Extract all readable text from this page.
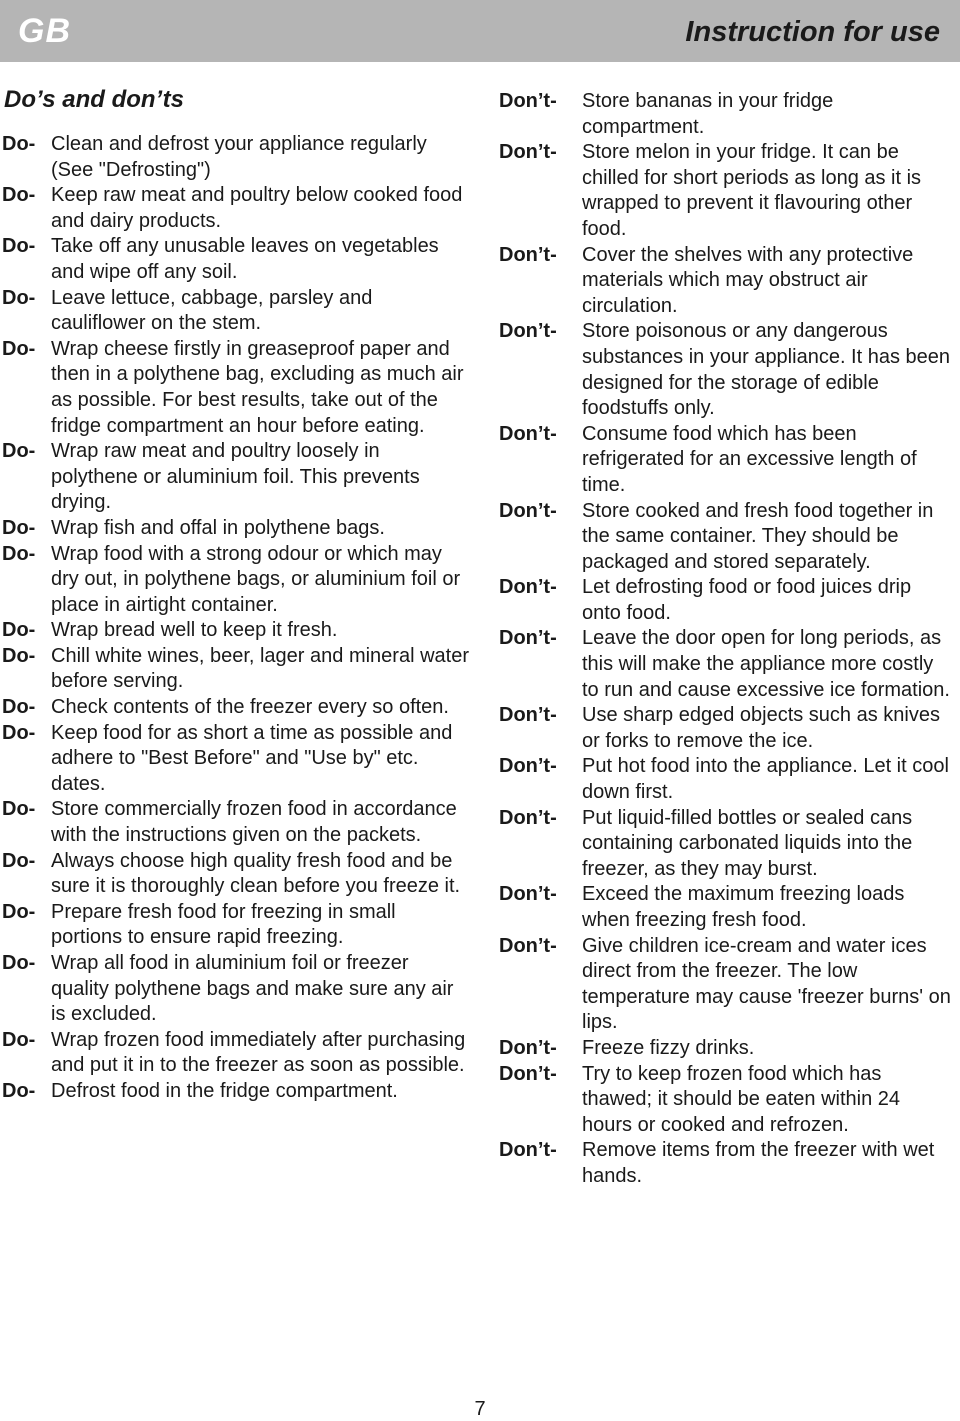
GB	Instruction for use
Do’s and don’ts
Do- Clean and defrost your appliance regularly (See "Defrosting")
Do- Keep raw meat and poultry below cooked food and dairy products.
Do- Take off any unusable leaves on vegetables and wipe off any soil.
Do- Leave lettuce, cabbage, parsley and cauliflower on the stem.
Do- Wrap cheese firstly in greaseproof paper and then in a polythene bag, excluding as much air as possible. For best results, take out of the fridge compartment an hour before eating.
Do- Wrap raw meat and poultry loosely in polythene or aluminium foil. This prevents drying.
Do- Wrap fish and offal in polythene bags.
Do- Wrap food with a strong odour or which may dry out, in polythene bags, or aluminium foil or place in airtight container.
Do- Wrap bread well to keep it fresh.
Do- Chill white wines, beer, lager and mineral water before serving.
Do- Check contents of the freezer every so often.
Do- Keep food for as short a time as possible and adhere to "Best Before" and "Use by" etc. dates.
Do- Store commercially frozen food in accordance with the instructions given on the packets.
Do- Always choose high quality fresh food and be sure it is thoroughly clean before you freeze it.
Do- Prepare fresh food for freezing in small portions to ensure rapid freezing.
Do- Wrap all food in aluminium foil or freezer quality polythene bags and make sure any air is excluded.
Do- Wrap frozen food immediately after purchasing and put it in to the freezer as soon as possible.
Do- Defrost food in the fridge compartment.
Don’t-	Store bananas in your fridge compartment.
Don’t-	Store melon in your fridge. It can be chilled for short periods as long as it is wrapped to prevent it flavouring other food.
Don’t-	Cover the shelves with any protective materials which may obstruct air circulation.
Don’t-	Store poisonous or any dangerous substances in your appliance. It has been designed for the storage of edible foodstuffs only.
Don’t-	Consume food which has been refrigerated for an excessive length of time.
Don’t-	Store cooked and fresh food together in the same container. They should be packaged and stored separately.
Don’t-	Let defrosting food or food juices drip onto food.
Don’t-	Leave the door open for long periods, as this will make the appliance more costly to run and cause excessive ice formation.
Don’t-	Use sharp edged objects such as knives or forks to remove the ice.
Don’t-	Put hot food into the appliance. Let it cool down first.
Don’t-	Put liquid-filled bottles or sealed cans containing carbonated liquids into the freezer, as they may burst.
Don’t-	Exceed the maximum freezing loads when freezing fresh food.
Don’t-	Give children ice-cream and water ices direct from the freezer. The low temperature may cause 'freezer burns' on lips.
Don’t-	Freeze fizzy drinks.
Don’t-	Try to keep frozen food which has thawed; it should be eaten within 24 hours or cooked and refrozen.
Don’t-	Remove items from the freezer with wet hands.
7
